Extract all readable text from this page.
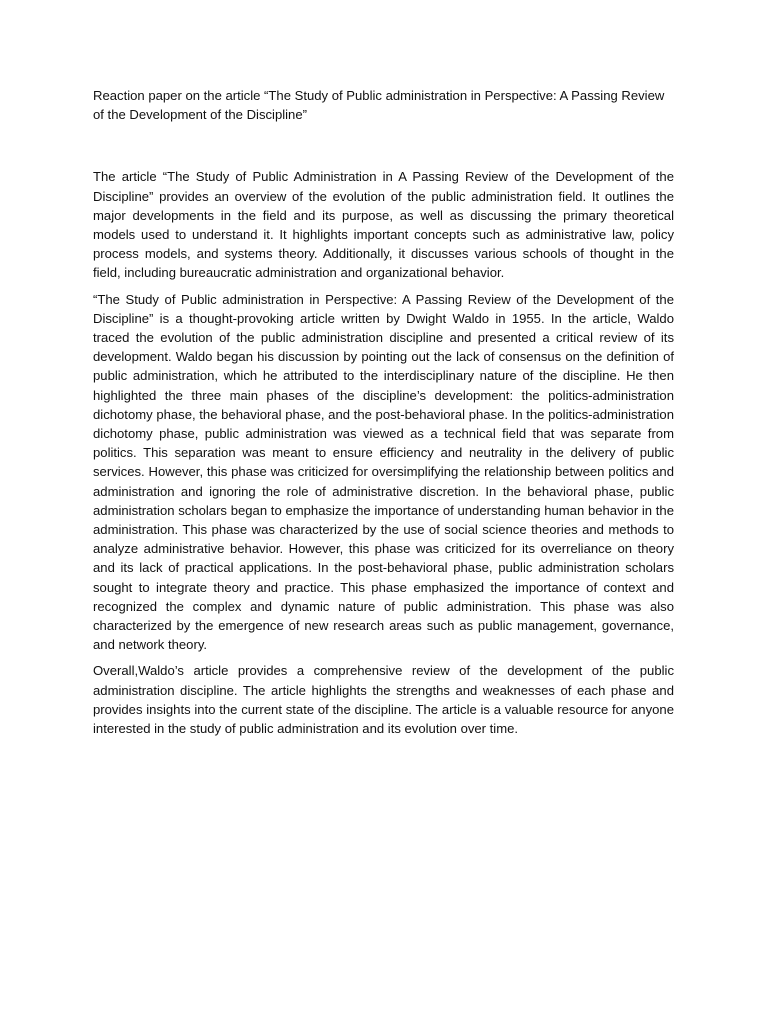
Reaction paper on the article “The Study of Public administration in Perspective: A Passing Review of the Development of the Discipline”

The article “The Study of Public Administration in A Passing Review of the Development of the Discipline” provides an overview of the evolution of the public administration field. It outlines the major developments in the field and its purpose, as well as discussing the primary theoretical models used to understand it. It highlights important concepts such as administrative law, policy process models, and systems theory. Additionally, it discusses various schools of thought in the field, including bureaucratic administration and organizational behavior.

“The Study of Public administration in Perspective: A Passing Review of the Development of the Discipline” is a thought-provoking article written by Dwight Waldo in 1955. In the article, Waldo traced the evolution of the public administration discipline and presented a critical review of its development. Waldo began his discussion by pointing out the lack of consensus on the definition of public administration, which he attributed to the interdisciplinary nature of the discipline. He then highlighted the three main phases of the discipline’s development: the politics-administration dichotomy phase, the behavioral phase, and the post-behavioral phase. In the politics-administration dichotomy phase, public administration was viewed as a technical field that was separate from politics. This separation was meant to ensure efficiency and neutrality in the delivery of public services. However, this phase was criticized for oversimplifying the relationship between politics and administration and ignoring the role of administrative discretion. In the behavioral phase, public administration scholars began to emphasize the importance of understanding human behavior in the administration. This phase was characterized by the use of social science theories and methods to analyze administrative behavior. However, this phase was criticized for its overreliance on theory and its lack of practical applications. In the post-behavioral phase, public administration scholars sought to integrate theory and practice. This phase emphasized the importance of context and recognized the complex and dynamic nature of public administration. This phase was also characterized by the emergence of new research areas such as public management, governance, and network theory.

Overall,Waldo’s article provides a comprehensive review of the development of the public administration discipline. The article highlights the strengths and weaknesses of each phase and provides insights into the current state of the discipline. The article is a valuable resource for anyone interested in the study of public administration and its evolution over time.
